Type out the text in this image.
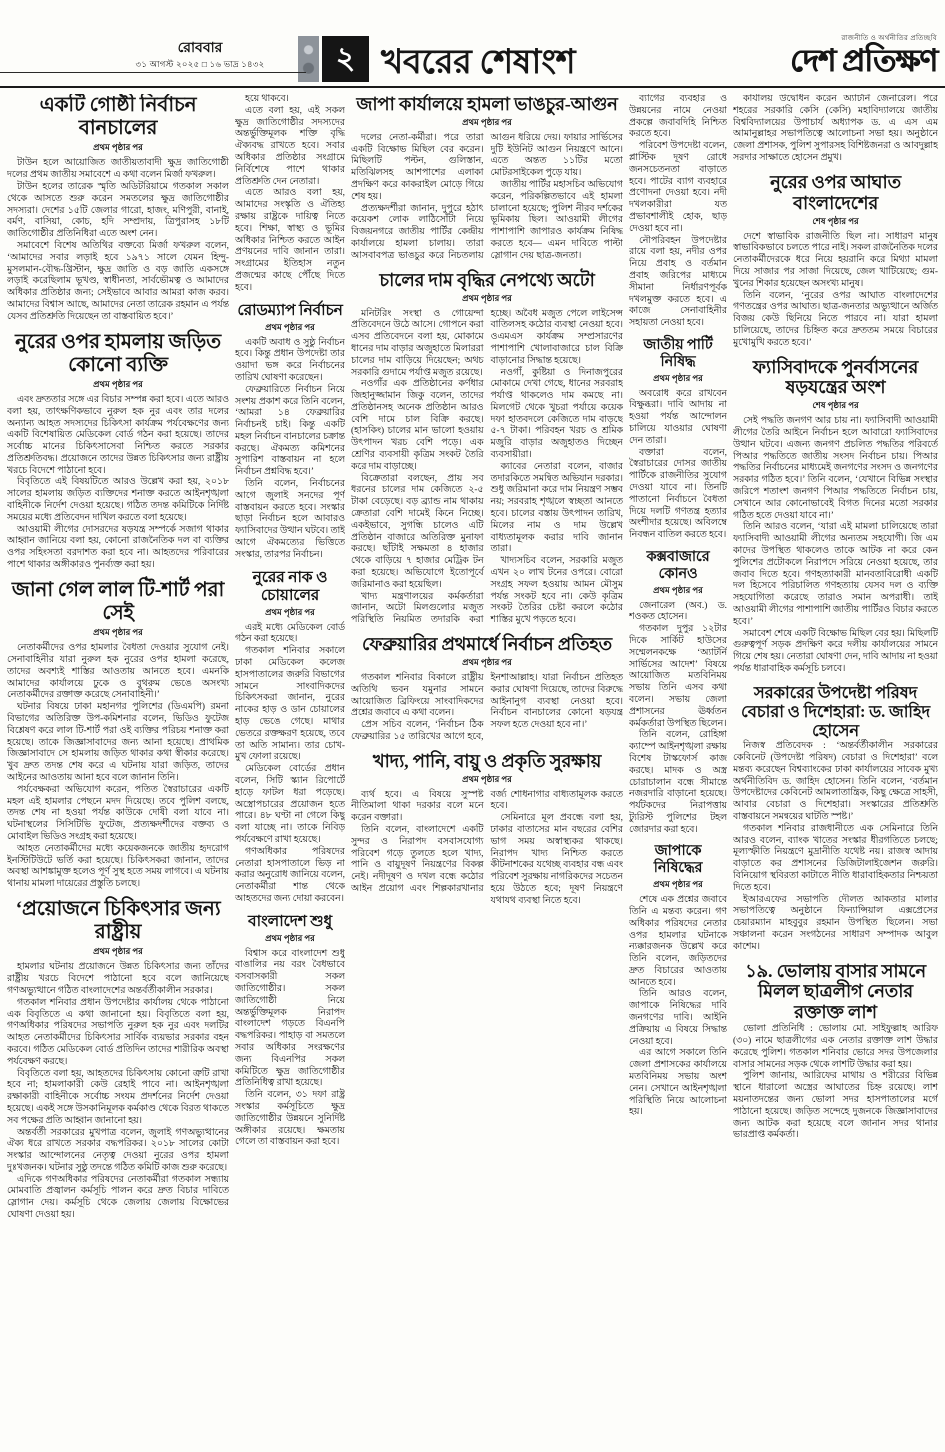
রোববার
৩১ আগস্ট ২০২৫ □ ১৬ ভাদ্র ১৪৩২	২ খবরের শেষাংশ
রাজনীতি ও অর্থনীতির প্রতিচ্ছবি
দেশ প্রতিক্ষণ
একটি গোষ্ঠী নির্বাচন বানচালের
প্রথম পৃষ্ঠার পর

টাউন হলে আয়োজিত জাতীয়তাবাদী ক্ষুদ্র জাতিগোষ্ঠী দলের প্রথম জাতীয় সমাবেশে এ কথা বলেন মির্জা ফখরুল।

টাউন হলের তারেক স্মৃতি অডিটরিয়ামে গতকাল সকাল থেকে আসতে শুরু করেন সমতলের ক্ষুদ্র জাতিগোষ্ঠীর সদস্যরা। দেশের ১৫টি জেলার গারো, হাজং, মণিপুরী, বানাই, বর্মণ, বাসিয়া, কোচ, হদি সম্প্রদায়, ত্রিপুরাসহ ১৮টি জাতিগোষ্ঠীর প্রতিনিধিরা এতে অংশ নেন।

সমাবেশে বিশেষ অতিথির বক্তব্যে মির্জা ফখরুল বলেন, ‘আমাদের সবার লড়াই হবে ১৯৭১ সালে যেমন হিন্দু-মুসলমান-বৌদ্ধ-খ্রিস্টান, ক্ষুদ্র জাতি ও বড় জাতি একসঙ্গে লড়াই করেছিলাম ভূখণ্ড, স্বাধীনতা, সার্বভৌমত্ব ও আমাদের অধিকার প্রতিষ্ঠার জন্য; সেইভাবে আবার আমরা কাজ করব। আমাদের বিশ্বাস আছে, আমাদের নেতা তারেক রহমান এ পর্যন্ত যেসব প্রতিশ্রুতি দিয়েছেন তা বাস্তবায়িত হবে।’

নুরের ওপর হামলায় জড়িত কোনো ব্যক্তি
প্রথম পৃষ্ঠার পর

এবং দ্রুততার সঙ্গে এর বিচার সম্পন্ন করা হবে। এতে আরও বলা হয়, তাৎক্ষণিকভাবে নুরুল হক নুর এবং তার দলের অন্যান্য আহত সদস্যদের চিকিৎসা কার্যক্রম পর্যবেক্ষণের জন্য একটি বিশেষায়িত মেডিকেল বোর্ড গঠন করা হয়েছে। তাদের সর্বোচ্চ মানের চিকিৎসাসেবা নিশ্চিত করতে সরকার প্রতিশ্রুতিবদ্ধ। প্রয়োজনে তাদের উন্নত চিকিৎসার জন্য রাষ্ট্রীয় খরচে বিদেশে পাঠানো হবে।

বিবৃতিতে এই বিষয়টিতে আরও উল্লেখ করা হয়, ২০১৮ সালের হামলায় জড়িত ব্যক্তিদের শনাক্ত করতে আইনশৃঙ্খলা বাহিনীকে নির্দেশ দেওয়া হয়েছে। গঠিত তদন্ত কমিটিকে নির্দিষ্ট সময়ের মধ্যে প্রতিবেদন দাখিল করতে বলা হয়েছে।

আওয়ামী লীগের দোসরদের ষড়যন্ত্র সম্পর্কে সজাগ থাকার আহ্বান জানিয়ে বলা হয়, কোনো রাজনৈতিক দল বা ব্যক্তির ওপর সহিংসতা বরদাশত করা হবে না। আহতদের পরিবারের পাশে থাকার অঙ্গীকারও পুনর্ব্যক্ত করা হয়।

জানা গেল লাল টি-শার্ট পরা সেই
প্রথম পৃষ্ঠার পর

নেতাকর্মীদের ওপর হামলার বৈধতা দেওয়ার সুযোগ নেই। সেনাবাহিনীর যারা নুরুল হক নুরের ওপর হামলা করেছে, তাদের অবশ্যই শাস্তির আওতায় আনতে হবে। এমনকি আমাদের কার্যালয়ে ঢুকে ও বুথরুম ভেঙে অসংখ্য নেতাকর্মীদের রক্তাক্ত করেছে সেনাবাহিনী।’

ঘটনার বিষয়ে ঢাকা মহানগর পুলিশের (ডিএমপি) রমনা বিভাগের অতিরিক্ত উপ-কমিশনার বলেন, ভিডিও ফুটেজ বিশ্লেষণ করে লাল টি-শার্ট পরা ওই ব্যক্তির পরিচয় শনাক্ত করা হয়েছে। তাকে জিজ্ঞাসাবাদের জন্য আনা হয়েছে। প্রাথমিক জিজ্ঞাসাবাদে সে হামলায় জড়িত থাকার কথা স্বীকার করেছে। খুব দ্রুত তদন্ত শেষ করে এ ঘটনায় যারা জড়িত, তাদের আইনের আওতায় আনা হবে বলে জানান তিনি।

পর্যবেক্ষকরা অভিযোগ করেন, পতিত স্বৈরাচারের একটি মহল এই হামলার পেছনে মদদ দিয়েছে। তবে পুলিশ বলছে, তদন্ত শেষ না হওয়া পর্যন্ত কাউকে দোষী বলা যাবে না। ঘটনাস্থলের সিসিটিভি ফুটেজ, প্রত্যক্ষদর্শীদের বক্তব্য ও মোবাইল ভিডিও সংগ্রহ করা হয়েছে।

আহত নেতাকর্মীদের মধ্যে কয়েকজনকে জাতীয় হৃদরোগ ইনস্টিটিউটে ভর্তি করা হয়েছে। চিকিৎসকরা জানান, তাদের অবস্থা আশঙ্কামুক্ত হলেও পূর্ণ সুস্থ হতে সময় লাগবে। এ ঘটনায় থানায় মামলা দায়েরের প্রস্তুতি চলছে।

‘প্রয়োজনে চিকিৎসার জন্য রাষ্ট্রীয়
প্রথম পৃষ্ঠার পর

হামলার ঘটনায় প্রয়োজনে উন্নত চিকিৎসার জন্য তাঁদের রাষ্ট্রীয় খরচে বিদেশে পাঠানো হবে বলে জানিয়েছে গণঅভ্যুত্থানে গঠিত বাংলাদেশের অন্তর্বর্তীকালীন সরকার।

গতকাল শনিবার প্রধান উপদেষ্টার কার্যালয় থেকে পাঠানো এক বিবৃতিতে এ কথা জানানো হয়। বিবৃতিতে বলা হয়, গণঅধিকার পরিষদের সভাপতি নুরুল হক নুর এবং দলটির আহত নেতাকর্মীদের চিকিৎসার সার্বিক ব্যয়ভার সরকার বহন করবে। গঠিত মেডিকেল বোর্ড প্রতিদিন তাদের শারীরিক অবস্থা পর্যবেক্ষণ করছে।

বিবৃতিতে বলা হয়, আহতদের চিকিৎসায় কোনো ত্রুটি রাখা হবে না; হামলাকারী কেউ রেহাই পাবে না। আইনশৃঙ্খলা রক্ষাকারী বাহিনীকে সর্বোচ্চ সংযম প্রদর্শনের নির্দেশ দেওয়া হয়েছে। একই সঙ্গে উসকানিমূলক কর্মকাণ্ড থেকে বিরত থাকতে সব পক্ষের প্রতি আহ্বান জানানো হয়।

অন্তর্বর্তী সরকারের মুখপাত্র বলেন, জুলাই গণঅভ্যুত্থানের ঐক্য ধরে রাখতে সরকার বদ্ধপরিকর। ২০১৮ সালের কোটা সংস্কার আন্দোলনের নেতৃত্ব দেওয়া নুরের ওপর হামলা দুঃখজনক। ঘটনার সুষ্ঠু তদন্তে গঠিত কমিটি কাজ শুরু করেছে।

এদিকে গণঅধিকার পরিষদের নেতাকর্মীরা গতকাল সন্ধ্যায় মোমবাতি প্রজ্বালন কর্মসূচি পালন করে দ্রুত বিচার দাবিতে স্লোগান দেয়। কর্মসূচি থেকে জেলায় জেলায় বিক্ষোভের ঘোষণা দেওয়া হয়।

হয়ে থাকবে।

এতে বলা হয়, এই সকল ক্ষুদ্র জাতিগোষ্ঠীর সদস্যদের অন্তর্ভুক্তিমূলক শক্তি বৃদ্ধি ঐক্যবদ্ধ রাখতে হবে। সবার অধিকার প্রতিষ্ঠার সংগ্রামে নির্বিশেষে পাশে থাকার প্রতিশ্রুতি দেন নেতারা।

এতে আরও বলা হয়, আমাদের সংস্কৃতি ও ঐতিহ্য রক্ষায় রাষ্ট্রকে দায়িত্ব নিতে হবে। শিক্ষা, স্বাস্থ্য ও ভূমির অধিকার নিশ্চিত করতে আইন প্রণয়নের দাবি জানান তারা। সংগ্রামের ইতিহাস নতুন প্রজন্মের কাছে পৌঁছে দিতে হবে।

রোডম্যাপ নির্বাচন
প্রথম পৃষ্ঠার পর

একটি অবাধ ও সুষ্ঠু নির্বাচন হবে। কিন্তু প্রধান উপদেষ্টা তার ওয়াদা ভঙ্গ করে নির্বাচনের তারিখ ঘোষণা করেছেন।

ফেব্রুয়ারিতে নির্বাচন নিয়ে সংশয় প্রকাশ করে তিনি বলেন, ‘আমরা ১৪ ফেব্রুয়ারির নির্বাচনই চাই। কিন্তু একটি মহল নির্বাচন বানচালের চক্রান্ত করছে। ঐকমত্য কমিশনের সুপারিশ বাস্তবায়ন না হলে নির্বাচন প্রশ্নবিদ্ধ হবে।’

তিনি বলেন, নির্বাচনের আগে জুলাই সনদের পূর্ণ বাস্তবায়ন করতে হবে। সংস্কার ছাড়া নির্বাচন হলে আবারও ফ্যাসিবাদের উত্থান ঘটবে। তাই আগে ঐকমত্যের ভিত্তিতে সংস্কার, তারপর নির্বাচন।

নুরের নাক ও চোয়ালের
প্রথম পৃষ্ঠার পর

এরই মধ্যে মেডিকেল বোর্ড গঠন করা হয়েছে।

গতকাল শনিবার সকালে ঢাকা মেডিকেল কলেজ হাসপাতালের জরুরি বিভাগের সামনে সাংবাদিকদের চিকিৎসকরা জানান, নুরের নাকের হাড় ও ডান চোয়ালের হাড় ভেঙে গেছে। মাথার ভেতরে রক্তক্ষরণ হয়েছে, তবে তা অতি সামান্য। তার চোখ-মুখ ফোলা রয়েছে।

মেডিকেল বোর্ডের প্রধান বলেন, সিটি স্ক্যান রিপোর্টে হাড়ে ফাটল ধরা পড়েছে। অস্ত্রোপচারের প্রয়োজন হতে পারে। ৪৮ ঘণ্টা না গেলে কিছু বলা যাচ্ছে না। তাকে নিবিড় পর্যবেক্ষণে রাখা হয়েছে।

গণঅধিকার পরিষদের নেতারা হাসপাতালে ভিড় না করার অনুরোধ জানিয়ে বলেন, নেতাকর্মীরা শান্ত থেকে আহতদের জন্য দোয়া করবেন।

বাংলাদেশ শুধু
প্রথম পৃষ্ঠার পর

বিশ্বাস করে বাংলাদেশ শুধু বাঙালির নয় বরং বৈধভাবে বসবাসকারী সকল জাতিগোষ্ঠীর। সকল জাতিগোষ্ঠী নিয়ে অন্তর্ভুক্তিমূলক নিরাপদ বাংলাদেশ গড়তে বিএনপি বদ্ধপরিকর। পাহাড় বা সমতলে সবার অধিকার সংরক্ষণের জন্য বিএনপির সকল কমিটিতে ক্ষুদ্র জাতিগোষ্ঠীর প্রতিনিধিত্ব রাখা হয়েছে।

তিনি বলেন, ৩১ দফা রাষ্ট্র সংস্কার কর্মসূচিতে ক্ষুদ্র জাতিগোষ্ঠীর উন্নয়নে সুনির্দিষ্ট অঙ্গীকার রয়েছে। ক্ষমতায় গেলে তা বাস্তবায়ন করা হবে।

জাপা কার্যালয়ে হামলা ভাঙচুর-আগুন
প্রথম পৃষ্ঠার পর

দলের নেতা-কর্মীরা। পরে তারা একটি বিক্ষোভ মিছিল বের করেন। মিছিলটি পল্টন, গুলিস্তান, মতিঝিলসহ আশপাশের এলাকা প্রদক্ষিণ করে কাকরাইল মোড়ে গিয়ে শেষ হয়।

প্রত্যক্ষদর্শীরা জানান, দুপুরে হঠাৎ কয়েকশ লোক লাঠিসোঁটা নিয়ে বিজয়নগরে জাতীয় পার্টির কেন্দ্রীয় কার্যালয়ে হামলা চালায়। তারা আসবাবপত্র ভাঙচুর করে নিচতলায় আগুন ধরিয়ে দেয়। ফায়ার সার্ভিসের দুটি ইউনিট আগুন নিয়ন্ত্রণে আনে। এতে অন্তত ১১টির মতো মোটরসাইকেল পুড়ে যায়।

জাতীয় পার্টির মহাসচিব অভিযোগ করেন, পরিকল্পিতভাবে এই হামলা চালানো হয়েছে; পুলিশ নীরব দর্শকের ভূমিকায় ছিল। আওয়ামী লীগের পাশাপাশি জাপারও কার্যক্রম নিষিদ্ধ করতে হবে— এমন দাবিতে পাল্টা স্লোগান দেয় ছাত্র-জনতা।

চালের দাম বৃদ্ধির নেপথ্যে অটো
প্রথম পৃষ্ঠার পর

মনিটরিং সংস্থা ও গোয়েন্দা প্রতিবেদনে উঠে আসে। গোপনে করা এসব প্রতিবেদনে বলা হয়, মোকামে ধানের দাম বাড়ার অজুহাতে মিলাররা চালের দাম বাড়িয়ে দিয়েছেন; অথচ সরকারি গুদামে পর্যাপ্ত মজুত রয়েছে।

নওগাঁর এক প্রতিষ্ঠানের কর্ণধার জিহানুজ্জামান জিকু বলেন, তাদের প্রতিষ্ঠানসহ অনেক প্রতিষ্ঠান আরও বেশি দামে চাল বিক্রি করছে। (হাসকিং) চালের মান ভালো হওয়ায় উৎপাদন খরচ বেশি পড়ে। এক শ্রেণির ব্যবসায়ী কৃত্রিম সংকট তৈরি করে দাম বাড়াচ্ছে।

বিক্রেতারা বলছেন, প্রায় সব ধরনের চালের দাম কেজিতে ২-৫ টাকা বেড়েছে। বড় ব্র্যান্ড নাম থাকায় ক্রেতারা বেশি দামেই কিনে নিচ্ছে। একইভাবে, সুগন্ধি চালেও এটি প্রতিষ্ঠান বাজারে অতিরিক্ত মুনাফা করছে। ছাঁটাই সক্ষমতা ৪ হাজার থেকে বাড়িয়ে ৭ হাজার মেট্রিক টন করা হয়েছে। অভিযোগে ইতোপূর্বে জরিমানাও করা হয়েছিল।

খাদ্য মন্ত্রণালয়ের কর্মকর্তারা জানান, অটো মিলগুলোর মজুত পরিস্থিতি নিয়মিত তদারকি করা হচ্ছে। অবৈধ মজুত পেলে লাইসেন্স বাতিলসহ কঠোর ব্যবস্থা নেওয়া হবে। ওএমএস কার্যক্রম সম্প্রসারণের পাশাপাশি খোলাবাজারে চাল বিক্রি বাড়ানোর সিদ্ধান্ত হয়েছে।

নওগাঁ, কুষ্টিয়া ও দিনাজপুরের মোকামে দেখা গেছে, ধানের সরবরাহ পর্যাপ্ত থাকলেও দাম কমছে না। মিলগেট থেকে খুচরা পর্যায়ে কয়েক দফা হাতবদলে কেজিতে দাম বাড়ছে ৫-৭ টাকা। পরিবহন খরচ ও শ্রমিক মজুরি বাড়ার অজুহাতও দিচ্ছেন ব্যবসায়ীরা।

ক্যাবের নেতারা বলেন, বাজার তদারকিতে সমন্বিত অভিযান দরকার। শুধু জরিমানা করে দাম নিয়ন্ত্রণ সম্ভব নয়; সরবরাহ শৃঙ্খলে স্বচ্ছতা আনতে হবে। চালের বস্তায় উৎপাদন তারিখ, মিলের নাম ও দাম উল্লেখ বাধ্যতামূলক করার দাবি জানান তারা।

খাদ্যসচিব বলেন, সরকারি মজুত এখন ২০ লাখ টনের ওপরে। বোরো সংগ্রহ সফল হওয়ায় আমন মৌসুম পর্যন্ত সংকট হবে না। কেউ কৃত্রিম সংকট তৈরির চেষ্টা করলে কঠোর শাস্তির মুখে পড়তে হবে।

ফেব্রুয়ারির প্রথমার্ধে নির্বাচন প্রতিহত
প্রথম পৃষ্ঠার পর

গতকাল শনিবার বিকালে রাষ্ট্রীয় অতিথি ভবন যমুনার সামনে আয়োজিত ব্রিফিংয়ে সাংবাদিকদের প্রশ্নের জবাবে এ কথা বলেন।

প্রেস সচিব বলেন, ‘নির্বাচন ঠিক ফেব্রুয়ারির ১৫ তারিখের আগে হবে, ইনশাআল্লাহ। যারা নির্বাচন প্রতিহত করার ঘোষণা দিয়েছে, তাদের বিরুদ্ধে আইনানুগ ব্যবস্থা নেওয়া হবে। নির্বাচন বানচালের কোনো ষড়যন্ত্র সফল হতে দেওয়া হবে না।’

খাদ্য, পানি, বায়ু ও প্রকৃতি সুরক্ষায়
প্রথম পৃষ্ঠার পর

ব্যর্থ হবে। এ বিষয়ে সুস্পষ্ট নীতিমালা থাকা দরকার বলে মনে করেন বক্তারা।

তিনি বলেন, বাংলাদেশে একটি সুন্দর ও নিরাপদ বসবাসযোগ্য পরিবেশ গড়ে তুলতে হলে খাদ্য, পানি ও বায়ুদূষণ নিয়ন্ত্রণের বিকল্প নেই। নদীদূষণ ও দখল বন্ধে কঠোর আইন প্রয়োগ এবং শিল্পকারখানার বর্জ্য শোধনাগার বাধ্যতামূলক করতে হবে।

সেমিনারে মূল প্রবন্ধে বলা হয়, ঢাকার বাতাসের মান বছরের বেশির ভাগ সময় অস্বাস্থ্যকর থাকছে। নিরাপদ খাদ্য নিশ্চিত করতে কীটনাশকের যথেচ্ছ ব্যবহার বন্ধ এবং পরিবেশ সুরক্ষায় নাগরিকদের সচেতন হয়ে উঠতে হবে; দূষণ নিয়ন্ত্রণে যথাযথ ব্যবস্থা নিতে হবে।

ব্যাগের ব্যবহার ও উন্নয়নের নামে নেওয়া প্রকল্পে জবাবদিহি নিশ্চিত করতে হবে।

পরিবেশ উপদেষ্টা বলেন, প্লাস্টিক দূষণ রোধে জনসচেতনতা বাড়াতে হবে। পাটের ব্যাগ ব্যবহারে প্রণোদনা দেওয়া হবে। নদী দখলকারীরা যত প্রভাবশালীই হোক, ছাড় দেওয়া হবে না।

নৌপরিবহন উপদেষ্টার রায়ে বলা হয়, নদীর ওপর নিয়ে প্রবাহ ও বর্তমান প্রবাহ জরিপের মাধ্যমে সীমানা নির্ধারণপূর্বক দখলমুক্ত করতে হবে। এ কাজে সেনাবাহিনীর সহায়তা নেওয়া হবে।

জাতীয় পার্টি নিষিদ্ধ
প্রথম পৃষ্ঠার পর

অবরোধ করে রাখবেন বিক্ষুব্ধরা। দাবি আদায় না হওয়া পর্যন্ত আন্দোলন চালিয়ে যাওয়ার ঘোষণা দেন তারা।

বক্তারা বলেন, স্বৈরাচারের দোসর জাতীয় পার্টিকে রাজনীতির সুযোগ দেওয়া যাবে না। তিনটি পাতানো নির্বাচনে বৈধতা দিয়ে দলটি গণতন্ত্র হত্যার অংশীদার হয়েছে। অবিলম্বে নিবন্ধন বাতিল করতে হবে।

কক্সবাজারে কোনও
প্রথম পৃষ্ঠার পর

জেনারেল (অব.) ড. শওকত হোসেন।

গতকাল দুপুর ১২টার দিকে সার্কিট হাউসের সম্মেলনকক্ষে ‘অ্যাটর্নি সার্ভিসের আদেশ’ বিষয়ে আয়োজিত মতবিনিময় সভায় তিনি এসব কথা বলেন। সভায় জেলা প্রশাসনের ঊর্ধ্বতন কর্মকর্তারা উপস্থিত ছিলেন।

তিনি বলেন, রোহিঙ্গা ক্যাম্পে আইনশৃঙ্খলা রক্ষায় বিশেষ টাস্কফোর্স কাজ করছে। মাদক ও অস্ত্র চোরাচালান বন্ধে সীমান্তে নজরদারি বাড়ানো হয়েছে। পর্যটকদের নিরাপত্তায় ট্যুরিস্ট পুলিশের টহল জোরদার করা হবে।

জাপাকে নিষিদ্ধের
প্রথম পৃষ্ঠার পর

শেষে এক প্রশ্নের জবাবে তিনি এ মন্তব্য করেন। গণ অধিকার পরিষদের নেতার ওপর হামলার ঘটনাকে ন্যক্কারজনক উল্লেখ করে তিনি বলেন, জড়িতদের দ্রুত বিচারের আওতায় আনতে হবে।

তিনি আরও বলেন, জাপাকে নিষিদ্ধের দাবি জনগণের দাবি। আইনি প্রক্রিয়ায় এ বিষয়ে সিদ্ধান্ত নেওয়া হবে।

এর আগে সকালে তিনি জেলা প্রশাসকের কার্যালয়ে মতবিনিময় সভায় অংশ নেন। সেখানে আইনশৃঙ্খলা পরিস্থিতি নিয়ে আলোচনা হয়।

কার্যালয় উদ্বোধন করেন অ্যাটর্নি জেনারেল। পরে শহরের সরকারি কেসি (কেসি) মহাবিদ্যালয়ে জাতীয় বিশ্ববিদ্যালয়ের উপাচার্য অধ্যাপক ড. এ এস এম আমানুল্লাহর সভাপতিত্বে আলোচনা সভা হয়। অনুষ্ঠানে জেলা প্রশাসক, পুলিশ সুপারসহ বিশিষ্টজনরা ও আবদুল্লাহ সরদার সাক্ষাতে হোসেন প্রমুখ।

নুরের ওপর আঘাত বাংলাদেশের
শেষ পৃষ্ঠার পর

দেশে স্বাভাবিক রাজনীতি ছিল না। সাধারণ মানুষ স্বাভাবিকভাবে চলতে পারে নাই। সকল রাজনৈতিক দলের নেতাকর্মীদেরকে ধরে নিয়ে হয়রানি করে মিথ্যা মামলা দিয়ে সাজার পর সাজা দিয়েছে, জেল খাটিয়েছে; গুম-খুনের শিকার হয়েছেন অসংখ্য মানুষ।

তিনি বলেন, ‘নুরের ওপর আঘাত বাংলাদেশের গণতন্ত্রের ওপর আঘাত। ছাত্র-জনতার অভ্যুত্থানে অর্জিত বিজয় কেউ ছিনিয়ে নিতে পারবে না। যারা হামলা চালিয়েছে, তাদের চিহ্নিত করে দ্রুততম সময়ে বিচারের মুখোমুখি করতে হবে।’

ফ্যাসিবাদকে পুনর্বাসনের ষড়যন্ত্রের অংশ
শেষ পৃষ্ঠার পর

সেই পদ্ধতি জনগণ আর চায় না। ফ্যাসিবাদী আওয়ামী লীগের তৈরি আইনে নির্বাচন হলে আবারো ফ্যাসিবাদের উত্থান ঘটবে। এজন্য জনগণ প্রচলিত পদ্ধতির পরিবর্তে পিআর পদ্ধতিতে জাতীয় সংসদ নির্বাচন চায়। পিআর পদ্ধতির নির্বাচনের মাধ্যমেই জনগণের সংসদ ও জনগণের সরকার গঠিত হবে।’ তিনি বলেন, ‘যেখানে বিভিন্ন সংস্থার জরিপে শতাংশ জনগণ পিআর পদ্ধতিতে নির্বাচন চায়, সেখানে আর কোনোভাবেই বিগত দিনের মতো সরকার গঠিত হতে দেওয়া যাবে না।’

তিনি আরও বলেন, ‘যারা এই মামলা চালিয়েছে তারা ফ্যাসিবাদী আওয়ামী লীগের অন্যতম সহযোগী। জি এম কাদের উপস্থিত থাকলেও তাকে আটক না করে কেন পুলিশের প্রটোকলে নিরাপদে সরিয়ে নেওয়া হয়েছে, তার জবাব দিতে হবে। গণহত্যাকারী মানবতাবিরোধী একটি দল হিসেবে পরিচালিত গণহত্যায় যেসব দল ও ব্যক্তি সহযোগিতা করেছে তারাও সমান অপরাধী। তাই আওয়ামী লীগের পাশাপাশি জাতীয় পার্টিরও বিচার করতে হবে।’

সমাবেশ শেষে একটি বিক্ষোভ মিছিল বের হয়। মিছিলটি গুরুত্বপূর্ণ সড়ক প্রদক্ষিণ করে দলীয় কার্যালয়ের সামনে গিয়ে শেষ হয়। নেতারা ঘোষণা দেন, দাবি আদায় না হওয়া পর্যন্ত ধারাবাহিক কর্মসূচি চলবে।

সরকারের উপদেষ্টা পরিষদ বেচারা ও দিশেহারা: ড. জাহিদ হোসেন

নিজস্ব প্রতিবেদক : ‘অন্তর্বর্তীকালীন সরকারের কেবিনেট (উপদেষ্টা পরিষদ) বেচারা ও দিশেহারা’ বলে মন্তব্য করেছেন বিশ্বব্যাংকের ঢাকা কার্যালয়ের সাবেক মুখ্য অর্থনীতিবিদ ড. জাহিদ হোসেন। তিনি বলেন, ‘বর্তমান উপদেষ্টাদের কেবিনেট আমলাতান্ত্রিক, কিছু ক্ষেত্রে সাহসী, আবার বেচারা ও দিশেহারা। সংস্কারের প্রতিশ্রুতি বাস্তবায়নে সমন্বয়ের ঘাটতি স্পষ্ট।’

গতকাল শনিবার রাজধানীতে এক সেমিনারে তিনি আরও বলেন, ব্যাংক খাতের সংস্কার ধীরগতিতে চলছে; মূল্যস্ফীতি নিয়ন্ত্রণে মুদ্রানীতি যথেষ্ট নয়। রাজস্ব আদায় বাড়াতে কর প্রশাসনের ডিজিটালাইজেশন জরুরি। বিনিয়োগ স্থবিরতা কাটাতে নীতি ধারাবাহিকতার নিশ্চয়তা দিতে হবে।

ইআরএফের সভাপতি দৌলত আকতার মালার সভাপতিত্বে অনুষ্ঠানে ফিন্যান্সিয়াল এক্সপ্রেসের চেয়ারম্যান মাহবুবুর রহমান উপস্থিত ছিলেন। সভা সঞ্চালনা করেন সংগঠনের সাধারণ সম্পাদক আবুল কাশেম।

১৯. ভোলায় বাসার সামনে মিলল ছাত্রলীগ নেতার রক্তাক্ত লাশ

ভোলা প্রতিনিধি : ভোলায় মো. সাইফুল্লাহ আরিফ (৩০) নামে ছাত্রলীগের এক নেতার রক্তাক্ত লাশ উদ্ধার করেছে পুলিশ। গতকাল শনিবার ভোরে সদর উপজেলার বাসার সামনের সড়ক থেকে লাশটি উদ্ধার করা হয়।

পুলিশ জানায়, আরিফের মাথায় ও শরীরের বিভিন্ন স্থানে ধারালো অস্ত্রের আঘাতের চিহ্ন রয়েছে। লাশ ময়নাতদন্তের জন্য ভোলা সদর হাসপাতালের মর্গে পাঠানো হয়েছে। জড়িত সন্দেহে দুজনকে জিজ্ঞাসাবাদের জন্য আটক করা হয়েছে বলে জানান সদর থানার ভারপ্রাপ্ত কর্মকর্তা।
